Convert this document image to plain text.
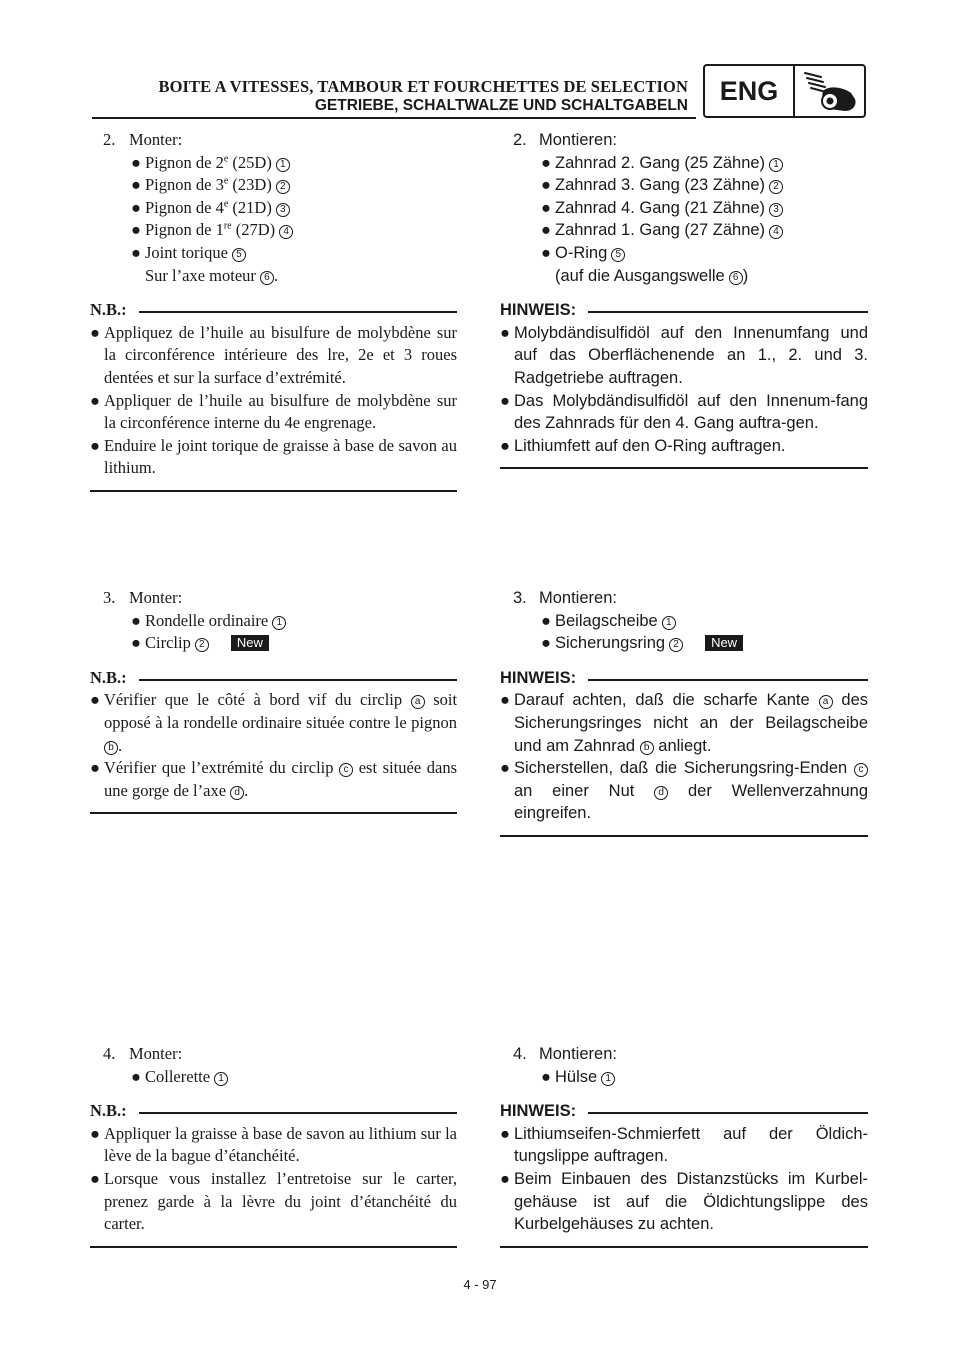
BOITE A VITESSES, TAMBOUR ET FOURCHETTES DE SELECTION
GETRIEBE, SCHALTWALZE UND SCHALTGABELN	ENG
2. Monter:
● Pignon de 2e (25D) 1
● Pignon de 3e (23D) 2
● Pignon de 4e (21D) 3
● Pignon de 1re (27D) 4
● Joint torique 5
Sur l’axe moteur 6 .
N.B.:
● Appliquez de l’huile au bisulfure de molybdène sur la circonférence intérieure des lre, 2e et 3 roues dentées et sur la surface d’extrémité.
● Appliquer de l’huile au bisulfure de molybdène sur la circonférence interne du 4e engrenage.
● Enduire le joint torique de graisse à base de savon au lithium.
2. Montieren:
● Zahnrad 2. Gang (25 Zähne) 1
● Zahnrad 3. Gang (23 Zähne) 2
● Zahnrad 4. Gang (21 Zähne) 3
● Zahnrad 1. Gang (27 Zähne) 4
● O-Ring 5
(auf die Ausgangswelle 6 )
HINWEIS:
● Molybdändisulfidöl auf den Innenumfang und auf das Oberflächenende an 1., 2. und 3. Radgetriebe auftragen.
● Das Molybdändisulfidöl auf den Innenum-fang des Zahnrads für den 4. Gang auftra-gen.
● Lithiumfett auf den O-Ring auftragen.
3. Monter:
● Rondelle ordinaire 1
● Circlip 2 New
N.B.:
● Vérifier que le côté à bord vif du circlip a soit opposé à la rondelle ordinaire située contre le pignon b .
● Vérifier que l’extrémité du circlip c est située dans une gorge de l’axe d .
3. Montieren:
● Beilagscheibe 1
● Sicherungsring 2 New
HINWEIS:
● Darauf achten, daß die scharfe Kante a des Sicherungsringes nicht an der Beilagscheibe und am Zahnrad b anliegt.
● Sicherstellen, daß die Sicherungsring-Enden c an einer Nut d der Wellenverzahnung eingreifen.
4. Monter:
● Collerette 1
N.B.:
● Appliquer la graisse à base de savon au lithium sur la lève de la bague d’étanchéité.
● Lorsque vous installez l’entretoise sur le carter, prenez garde à la lèvre du joint d’étanchéité du carter.
4. Montieren:
● Hülse 1
HINWEIS:
● Lithiumseifen-Schmierfett auf der Öldich-tungslippe auftragen.
● Beim Einbauen des Distanzstücks im Kurbel-gehäuse ist auf die Öldichtungslippe des Kurbelgehäuses zu achten.
4 - 97
